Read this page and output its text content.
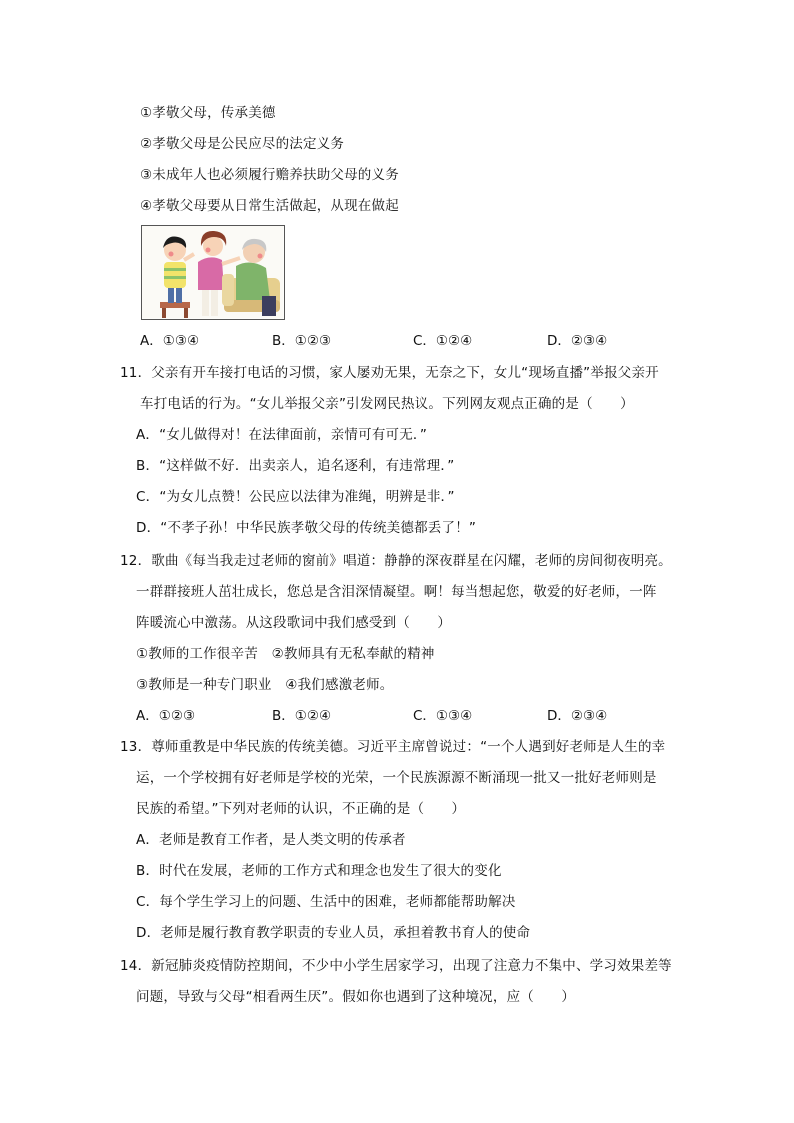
①孝敬父母，传承美德
②孝敬父母是公民应尽的法定义务
③未成年人也必须履行赡养扶助父母的义务
④孝敬父母要从日常生活做起，从现在做起
A．①③④	B．①②③	C．①②④	D．②③④
11．父亲有开车接打电话的习惯，家人屡劝无果，无奈之下，女儿“现场直播”举报父亲开
车打电话的行为。“女儿举报父亲”引发网民热议。下列网友观点正确的是（　　）
A．“女儿做得对！在法律面前，亲情可有可无．”
B．“这样做不好．出卖亲人，追名逐利，有违常理．”
C．“为女儿点赞！公民应以法律为准绳，明辨是非．”
D．“不孝子孙！中华民族孝敬父母的传统美德都丢了！”
12．歌曲《每当我走过老师的窗前》唱道：静静的深夜群星在闪耀，老师的房间彻夜明亮。
一群群接班人茁壮成长，您总是含泪深情凝望。啊！每当想起您，敬爱的好老师，一阵
阵暖流心中激荡。从这段歌词中我们感受到（　　）
①教师的工作很辛苦　②教师具有无私奉献的精神
③教师是一种专门职业　④我们感激老师。
A．①②③	B．①②④	C．①③④	D．②③④
13．尊师重教是中华民族的传统美德。习近平主席曾说过：“一个人遇到好老师是人生的幸
运，一个学校拥有好老师是学校的光荣，一个民族源源不断涌现一批又一批好老师则是
民族的希望。”下列对老师的认识，不正确的是（　　）
A．老师是教育工作者，是人类文明的传承者
B．时代在发展，老师的工作方式和理念也发生了很大的变化
C．每个学生学习上的问题、生活中的困难，老师都能帮助解决
D．老师是履行教育教学职责的专业人员，承担着教书育人的使命
14．新冠肺炎疫情防控期间，不少中小学生居家学习，出现了注意力不集中、学习效果差等
问题，导致与父母“相看两生厌”。假如你也遇到了这种境况，应（　　）
